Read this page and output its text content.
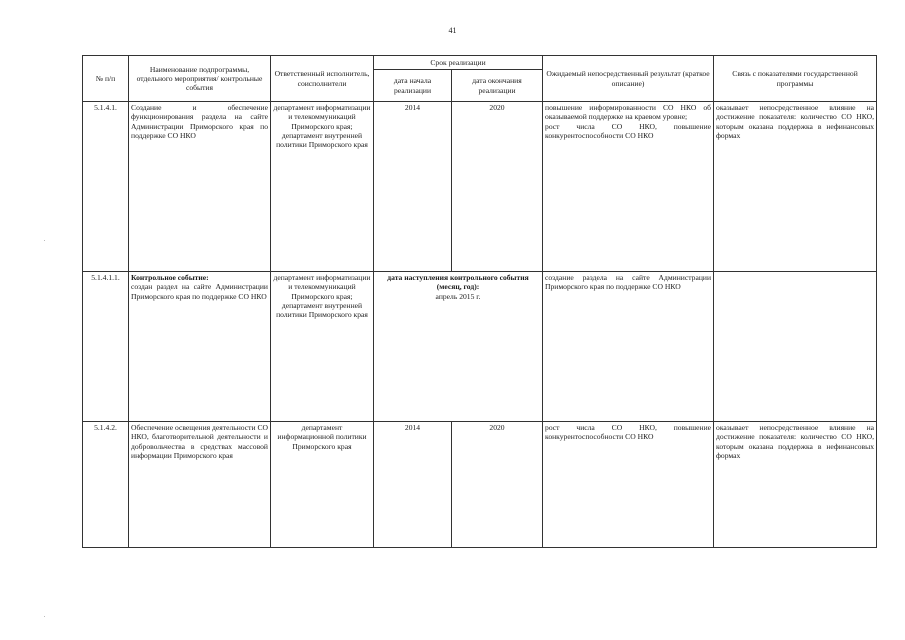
41
№ п/п	Наименование подпрограммы, отдельного мероприятия/ контрольные события	Ответственный исполнитель, соисполнители	Срок реализации		Ожидаемый непосредственный результат (краткое описание)	Связь с показателями государственной программы
			дата начала реализации	дата окончания реализации		
5.1.4.1.	Создание и обеспечение функционирования раздела на сайте Администрации Приморского края по поддержке СО НКО	департамент информатизации и телекоммуникаций Приморского края; департамент внутренней политики Приморского края	2014	2020	повышение информированности СО НКО об оказываемой поддержке на краевом уровне;
рост числа СО НКО, повышение конкурентоспособности СО НКО	оказывает непосредственное влияние на достижение показателя: количество СО НКО, которым оказана поддержка в нефинансовых формах
5.1.4.1.1.	Контрольное событие:
создан раздел на сайте Администрации Приморского края по поддержке СО НКО	департамент информатизации и телекоммуникаций Приморского края; департамент внутренней политики Приморского края	дата наступления контрольного события (месяц, год):
апрель 2015 г.		создание раздела на сайте Администрации Приморского края по поддержке СО НКО	
5.1.4.2.	Обеспечение освещения деятельности СО НКО, благотворительной деятельности и добровольчества в средствах массовой информации Приморского края	департамент информационной политики Приморского края	2014	2020	рост числа СО НКО, повышение конкурентоспособности СО НКО	оказывает непосредственное влияние на достижение показателя: количество СО НКО, которым оказана поддержка в нефинансовых формах
